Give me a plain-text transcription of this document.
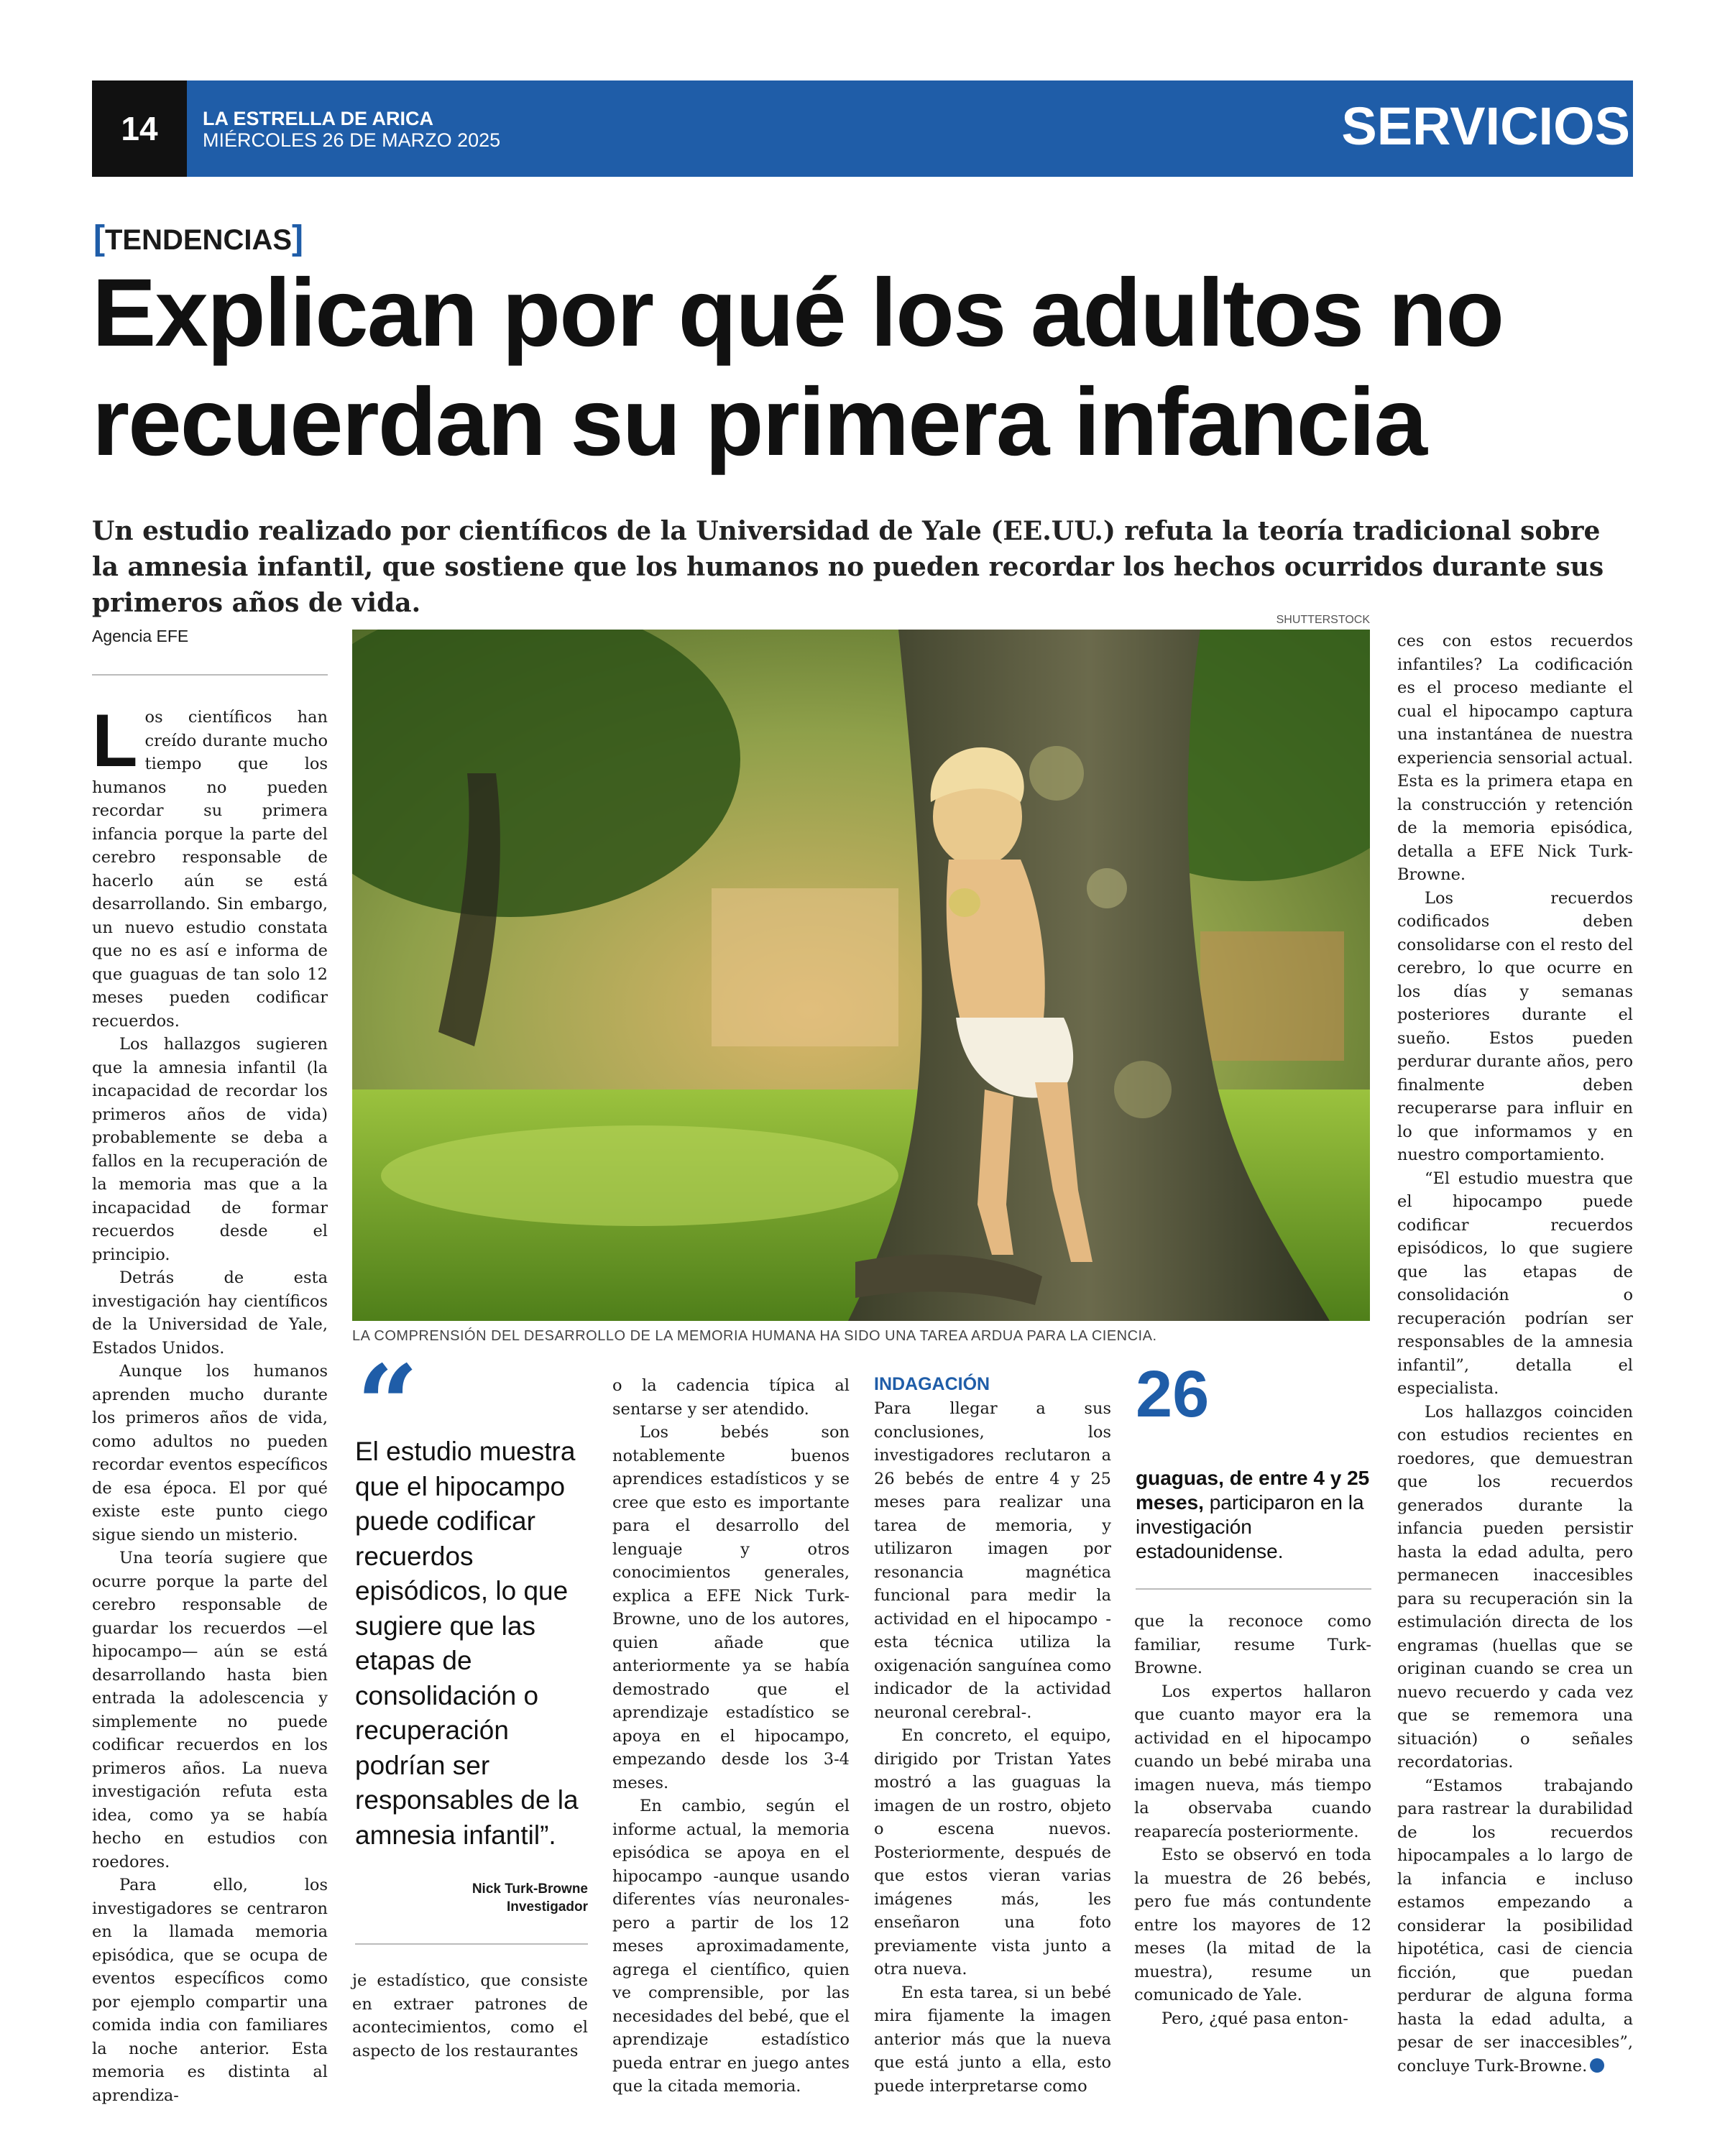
14	LA ESTRELLA DE ARICA
MIÉRCOLES 26 DE MARZO 2025	SERVICIOS
[TENDENCIAS]
Explican por qué los adultos no
recuerdan su primera infancia
Un estudio realizado por científicos de la Universidad de Yale (EE.UU.) refuta la teoría tradicional sobre la amnesia infantil, que sostiene que los humanos no pueden recordar los hechos ocurridos durante sus primeros años de vida.
Agencia EFE
SHUTTERSTOCK
LA COMPRENSIÓN DEL DESARROLLO DE LA MEMORIA HUMANA HA SIDO UNA TAREA ARDUA PARA LA CIENCIA.

Los científicos han creído durante mucho tiempo que los humanos no pueden recordar su primera infancia porque la parte del cerebro responsable de hacerlo aún se está desarrollando. Sin embargo, un nuevo estudio constata que no es así e informa de que guaguas de tan solo 12 meses pueden codificar recuerdos.

Los hallazgos sugieren que la amnesia infantil (la incapacidad de recordar los primeros años de vida) probablemente se deba a fallos en la recuperación de la memoria mas que a la incapacidad de formar recuerdos desde el principio.

Detrás de esta investigación hay científicos de la Universidad de Yale, Estados Unidos.

Aunque los humanos aprenden mucho durante los primeros años de vida, como adultos no pueden recordar eventos específicos de esa época. El por qué existe este punto ciego sigue siendo un misterio.

Una teoría sugiere que ocurre porque la parte del cerebro responsable de guardar los recuerdos —el hipocampo— aún se está desarrollando hasta bien entrada la adolescencia y simplemente no puede codificar recuerdos en los primeros años. La nueva investigación refuta esta idea, como ya se había hecho en estudios con roedores.

Para ello, los investigadores se centraron en la llamada memoria episódica, que se ocupa de eventos específicos como por ejemplo compartir una comida india con familiares la noche anterior. Esta memoria es distinta al aprendiza-

“
El estudio muestra que el hipocampo puede codificar recuerdos episódicos, lo que sugiere que las etapas de consolidación o recuperación podrían ser responsables de la amnesia infantil”.
Nick Turk-Browne
Investigador

je estadístico, que consiste en extraer patrones de acontecimientos, como el aspecto de los restaurantes

o la cadencia típica al sentarse y ser atendido.

Los bebés son notablemente buenos aprendices estadísticos y se cree que esto es importante para el desarrollo del lenguaje y otros conocimientos generales, explica a EFE Nick Turk-Browne, uno de los autores, quien añade que anteriormente ya se había demostrado que el aprendizaje estadístico se apoya en el hipocampo, empezando desde los 3-4 meses.

En cambio, según el informe actual, la memoria episódica se apoya en el hipocampo -aunque usando diferentes vías neuronales- pero a partir de los 12 meses aproximadamente, agrega el científico, quien ve comprensible, por las necesidades del bebé, que el aprendizaje estadístico pueda entrar en juego antes que la citada memoria.

INDAGACIÓN

Para llegar a sus conclusiones, los investigadores reclutaron a 26 bebés de entre 4 y 25 meses para realizar una tarea de memoria, y utilizaron imagen por resonancia magnética funcional para medir la actividad en el hipocampo -esta técnica utiliza la oxigenación sanguínea como indicador de la actividad neuronal cerebral-.

En concreto, el equipo, dirigido por Tristan Yates mostró a las guaguas la imagen de un rostro, objeto o escena nuevos. Posteriormente, después de que estos vieran varias imágenes más, les enseñaron una foto previamente vista junto a otra nueva.

En esta tarea, si un bebé mira fijamente la imagen anterior más que la nueva que está junto a ella, esto puede interpretarse como

26
guaguas, de entre 4 y 25 meses, participaron en la investigación estadounidense.

que la reconoce como familiar, resume Turk-Browne.

Los expertos hallaron que cuanto mayor era la actividad en el hipocampo cuando un bebé miraba una imagen nueva, más tiempo la observaba cuando reaparecía posteriormente.

Esto se observó en toda la muestra de 26 bebés, pero fue más contundente entre los mayores de 12 meses (la mitad de la muestra), resume un comunicado de Yale.

Pero, ¿qué pasa enton-

ces con estos recuerdos infantiles? La codificación es el proceso mediante el cual el hipocampo captura una instantánea de nuestra experiencia sensorial actual. Esta es la primera etapa en la construcción y retención de la memoria episódica, detalla a EFE Nick Turk-Browne.

Los recuerdos codificados deben consolidarse con el resto del cerebro, lo que ocurre en los días y semanas posteriores durante el sueño. Estos pueden perdurar durante años, pero finalmente deben recuperarse para influir en lo que informamos y en nuestro comportamiento.

“El estudio muestra que el hipocampo puede codificar recuerdos episódicos, lo que sugiere que las etapas de consolidación o recuperación podrían ser responsables de la amnesia infantil”, detalla el especialista.

Los hallazgos coinciden con estudios recientes en roedores, que demuestran que los recuerdos generados durante la infancia pueden persistir hasta la edad adulta, pero permanecen inaccesibles para su recuperación sin la estimulación directa de los engramas (huellas que se originan cuando se crea un nuevo recuerdo y cada vez que se rememora una situación) o señales recordatorias.

“Estamos trabajando para rastrear la durabilidad de los recuerdos hipocampales a lo largo de la infancia e incluso estamos empezando a considerar la posibilidad hipotética, casi de ciencia ficción, que puedan perdurar de alguna forma hasta la edad adulta, a pesar de ser inaccesibles”, concluye Turk-Browne.
